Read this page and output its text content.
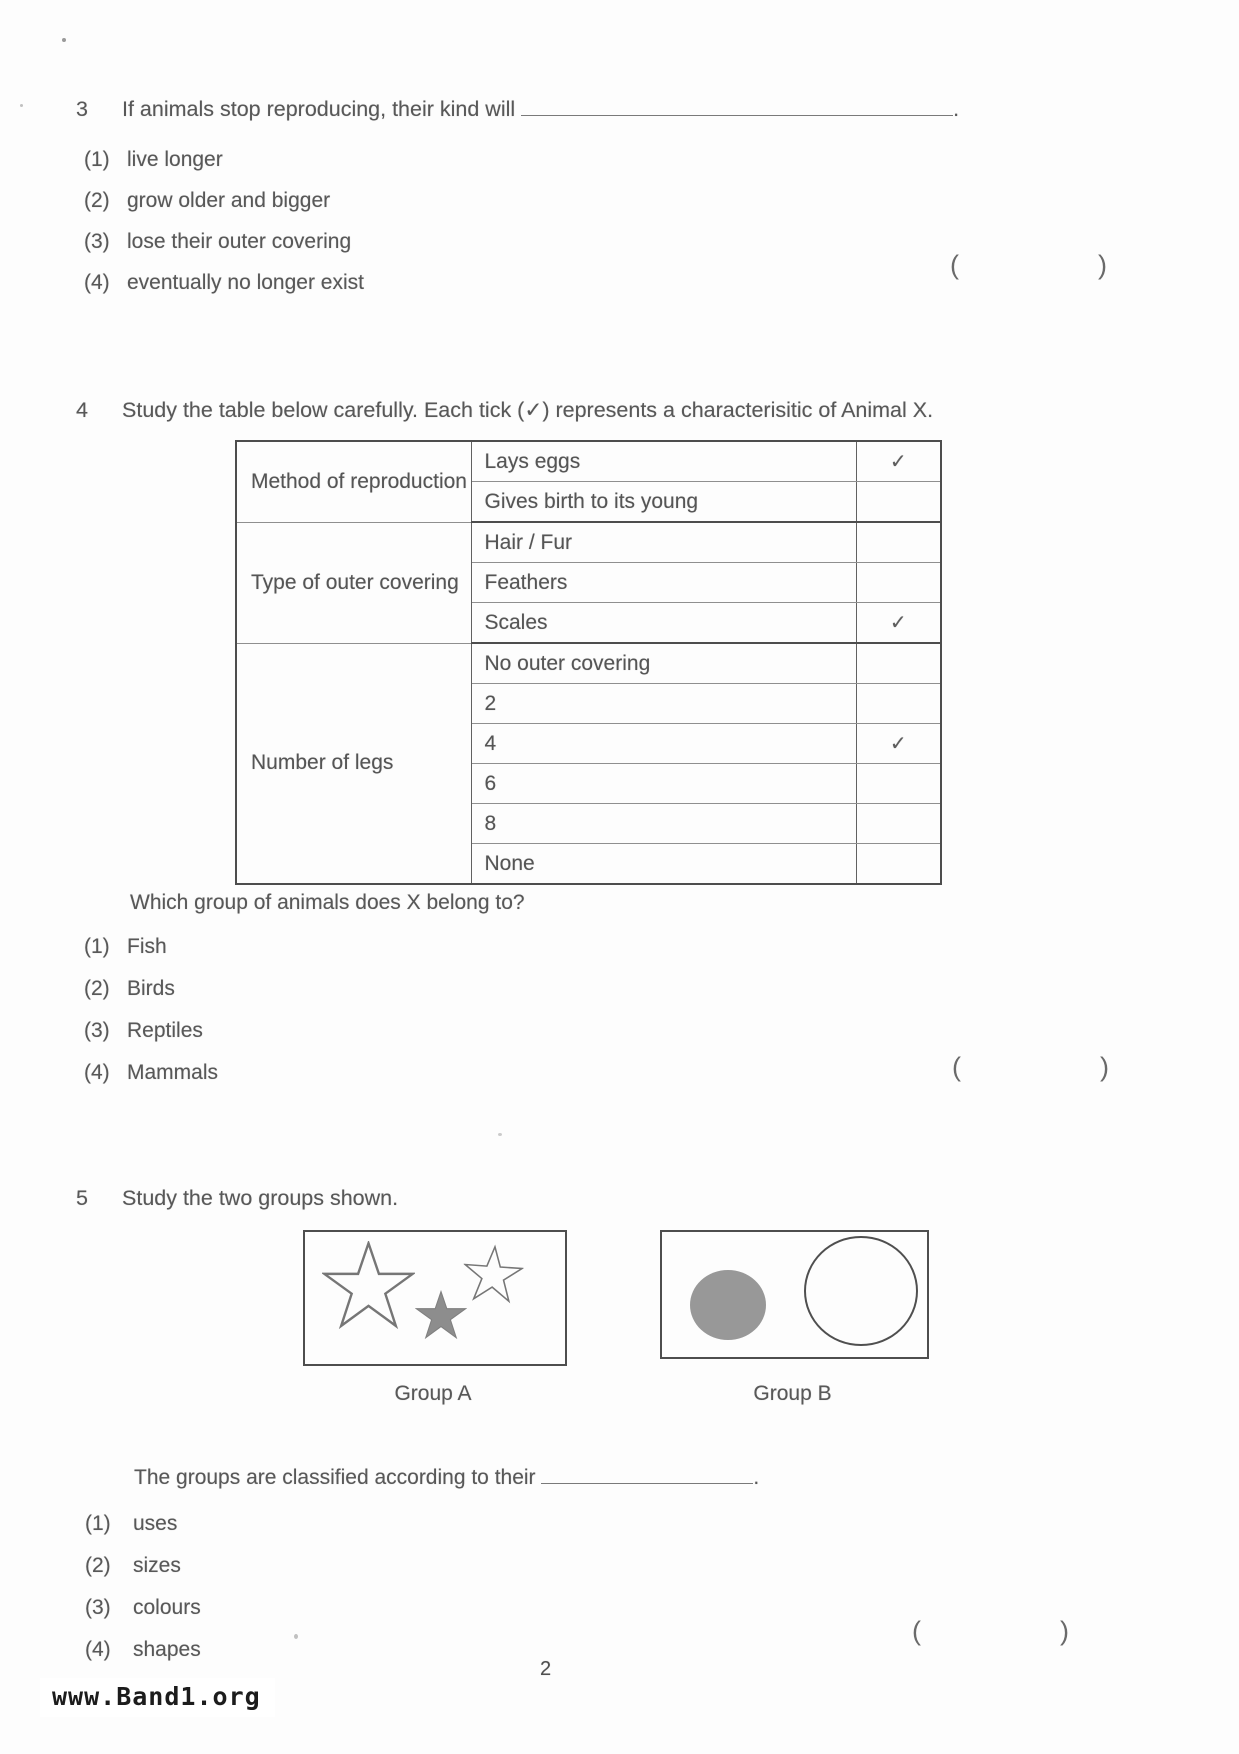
3 If animals stop reproducing, their kind will	.
(1) live longer
(2) grow older and bigger
(3) lose their outer covering
(4) eventually no longer exist
(	)
4 Study the table below carefully. Each tick (✓) represents a characterisitic of Animal X.
Method of reproduction	Lays eggs	✓
	Gives birth to its young	
Type of outer covering	Hair / Fur	
	Feathers	
	Scales	✓
Number of legs	No outer covering	
	2	
	4	✓
	6	
	8	
	None	
Which group of animals does X belong to?
(1) Fish
(2) Birds
(3) Reptiles
(4) Mammals	(	)
5 Study the two groups shown.
Group A	Group B
The groups are classified according to their	.
(1) uses
(2) sizes
(3) colours
(4) shapes
(	)
2
www.Band1.org
